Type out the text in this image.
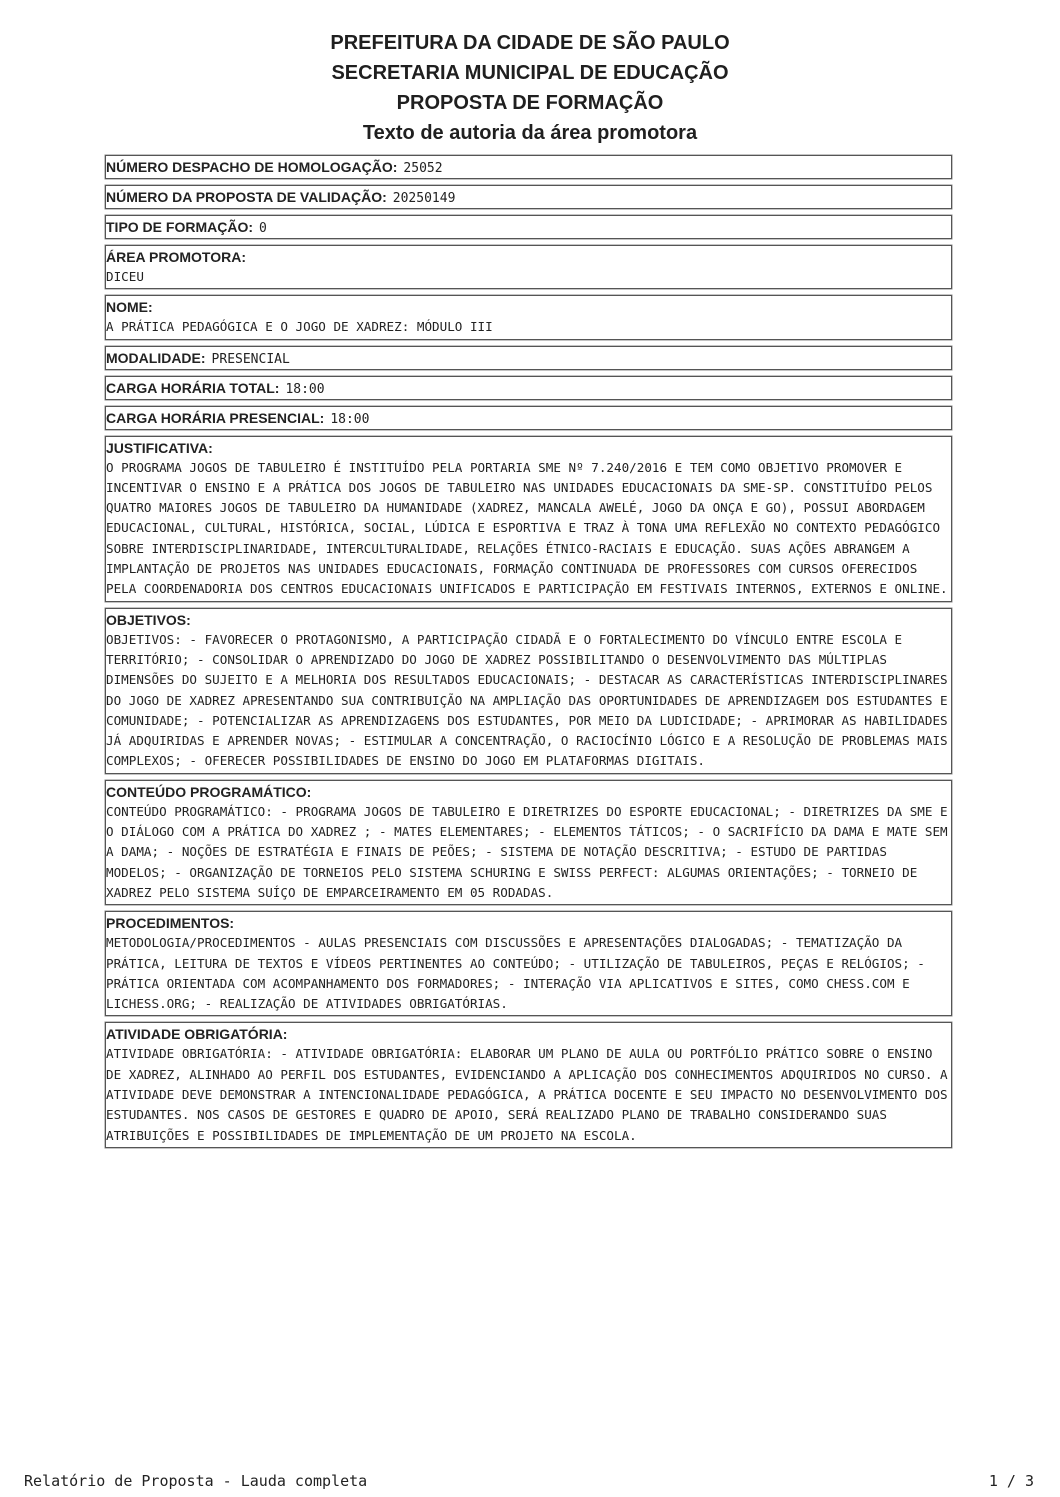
PREFEITURA DA CIDADE DE SÃO PAULO
SECRETARIA MUNICIPAL DE EDUCAÇÃO
PROPOSTA DE FORMAÇÃO
Texto de autoria da área promotora
NÚMERO DESPACHO DE HOMOLOGAÇÃO: 25052
NÚMERO DA PROPOSTA DE VALIDAÇÃO: 20250149
TIPO DE FORMAÇÃO: 0
ÁREA PROMOTORA:
DICEU
NOME:
A PRÁTICA PEDAGÓGICA E O JOGO DE XADREZ: MÓDULO III
MODALIDADE: PRESENCIAL
CARGA HORÁRIA TOTAL: 18:00
CARGA HORÁRIA PRESENCIAL: 18:00
JUSTIFICATIVA:
O PROGRAMA JOGOS DE TABULEIRO É INSTITUÍDO PELA PORTARIA SME Nº 7.240/2016 E TEM COMO OBJETIVO PROMOVER E INCENTIVAR O ENSINO E A PRÁTICA DOS JOGOS DE TABULEIRO NAS UNIDADES EDUCACIONAIS DA SME-SP. CONSTITUÍDO PELOS QUATRO MAIORES JOGOS DE TABULEIRO DA HUMANIDADE (XADREZ, MANCALA AWELÉ, JOGO DA ONÇA E GO), POSSUI ABORDAGEM EDUCACIONAL, CULTURAL, HISTÓRICA, SOCIAL, LÚDICA E ESPORTIVA E TRAZ À TONA UMA REFLEXÃO NO CONTEXTO PEDAGÓGICO SOBRE INTERDISCIPLINARIDADE, INTERCULTURALIDADE, RELAÇÕES ÉTNICO-RACIAIS E EDUCAÇÃO. SUAS AÇÕES ABRANGEM A IMPLANTAÇÃO DE PROJETOS NAS UNIDADES EDUCACIONAIS, FORMAÇÃO CONTINUADA DE PROFESSORES COM CURSOS OFERECIDOS PELA COORDENADORIA DOS CENTROS EDUCACIONAIS UNIFICADOS E PARTICIPAÇÃO EM FESTIVAIS INTERNOS, EXTERNOS E ONLINE.
OBJETIVOS:
OBJETIVOS: - FAVORECER O PROTAGONISMO, A PARTICIPAÇÃO CIDADÃ E O FORTALECIMENTO DO VÍNCULO ENTRE ESCOLA E TERRITÓRIO; - CONSOLIDAR O APRENDIZADO DO JOGO DE XADREZ POSSIBILITANDO O DESENVOLVIMENTO DAS MÚLTIPLAS DIMENSÕES DO SUJEITO E A MELHORIA DOS RESULTADOS EDUCACIONAIS; - DESTACAR AS CARACTERÍSTICAS INTERDISCIPLINARES DO JOGO DE XADREZ APRESENTANDO SUA CONTRIBUIÇÃO NA AMPLIAÇÃO DAS OPORTUNIDADES DE APRENDIZAGEM DOS ESTUDANTES E COMUNIDADE; - POTENCIALIZAR AS APRENDIZAGENS DOS ESTUDANTES, POR MEIO DA LUDICIDADE; - APRIMORAR AS HABILIDADES JÁ ADQUIRIDAS E APRENDER NOVAS; - ESTIMULAR A CONCENTRAÇÃO, O RACIOCÍNIO LÓGICO E A RESOLUÇÃO DE PROBLEMAS MAIS COMPLEXOS; - OFERECER POSSIBILIDADES DE ENSINO DO JOGO EM PLATAFORMAS DIGITAIS.
CONTEÚDO PROGRAMÁTICO:
CONTEÚDO PROGRAMÁTICO: - PROGRAMA JOGOS DE TABULEIRO E DIRETRIZES DO ESPORTE EDUCACIONAL; - DIRETRIZES DA SME E O DIÁLOGO COM A PRÁTICA DO XADREZ ; - MATES ELEMENTARES; - ELEMENTOS TÁTICOS; - O SACRIFÍCIO DA DAMA E MATE SEM A DAMA; - NOÇÕES DE ESTRATÉGIA E FINAIS DE PEÕES; - SISTEMA DE NOTAÇÃO DESCRITIVA; - ESTUDO DE PARTIDAS MODELOS; - ORGANIZAÇÃO DE TORNEIOS PELO SISTEMA SCHURING E SWISS PERFECT: ALGUMAS ORIENTAÇÕES; - TORNEIO DE XADREZ PELO SISTEMA SUÍÇO DE EMPARCEIRAMENTO EM 05 RODADAS.
PROCEDIMENTOS:
METODOLOGIA/PROCEDIMENTOS - AULAS PRESENCIAIS COM DISCUSSÕES E APRESENTAÇÕES DIALOGADAS; - TEMATIZAÇÃO DA PRÁTICA, LEITURA DE TEXTOS E VÍDEOS PERTINENTES AO CONTEÚDO; - UTILIZAÇÃO DE TABULEIROS, PEÇAS E RELÓGIOS; - PRÁTICA ORIENTADA COM ACOMPANHAMENTO DOS FORMADORES; - INTERAÇÃO VIA APLICATIVOS E SITES, COMO CHESS.COM E LICHESS.ORG; - REALIZAÇÃO DE ATIVIDADES OBRIGATÓRIAS.
ATIVIDADE OBRIGATÓRIA:
ATIVIDADE OBRIGATÓRIA: - ATIVIDADE OBRIGATÓRIA: ELABORAR UM PLANO DE AULA OU PORTFÓLIO PRÁTICO SOBRE O ENSINO DE XADREZ, ALINHADO AO PERFIL DOS ESTUDANTES, EVIDENCIANDO A APLICAÇÃO DOS CONHECIMENTOS ADQUIRIDOS NO CURSO. A ATIVIDADE DEVE DEMONSTRAR A INTENCIONALIDADE PEDAGÓGICA, A PRÁTICA DOCENTE E SEU IMPACTO NO DESENVOLVIMENTO DOS ESTUDANTES. NOS CASOS DE GESTORES E QUADRO DE APOIO, SERÁ REALIZADO PLANO DE TRABALHO CONSIDERANDO SUAS ATRIBUIÇÕES E POSSIBILIDADES DE IMPLEMENTAÇÃO DE UM PROJETO NA ESCOLA.
Relatório de Proposta - Lauda completa	1 / 3
